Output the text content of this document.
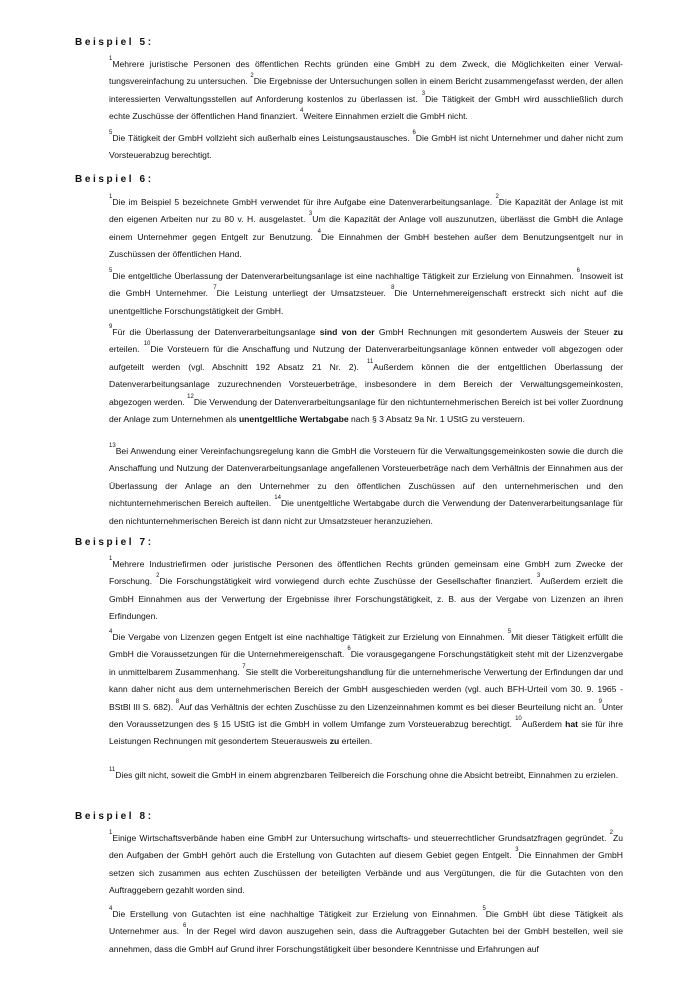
Beispiel 5:

$^1$Mehrere juristische Personen des öffentlichen Rechts gründen eine GmbH zu dem Zweck, die Möglichkeiten einer Verwaltungsvereinfachung zu untersuchen. $^2$Die Ergebnisse der Untersuchungen sollen in einem Bericht zusammengefasst werden, der allen interessierten Verwaltungsstellen auf Anforderung kostenlos zu überlassen ist. $^3$Die Tätigkeit der GmbH wird ausschließlich durch echte Zuschüsse der öffentlichen Hand finanziert. $^4$Weitere Einnahmen erzielt die GmbH nicht.

$^5$Die Tätigkeit der GmbH vollzieht sich außerhalb eines Leistungsaustausches. $^6$Die GmbH ist nicht Unternehmer und daher nicht zum Vorsteuerabzug berechtigt.

Beispiel 6:

$^1$Die im Beispiel 5 bezeichnete GmbH verwendet für ihre Aufgabe eine Datenverarbeitungsanlage. $^2$Die Kapazität der Anlage ist mit den eigenen Arbeiten nur zu 80 v. H. ausgelastet. $^3$Um die Kapazität der Anlage voll auszunutzen, überlässt die GmbH die Anlage einem Unternehmer gegen Entgelt zur Benutzung. $^4$Die Einnahmen der GmbH bestehen außer dem Benutzungsentgelt nur in Zuschüssen der öffentlichen Hand.

$^5$Die entgeltliche Überlassung der Datenverarbeitungsanlage ist eine nachhaltige Tätigkeit zur Erzielung von Einnahmen. $^6$Insoweit ist die GmbH Unternehmer. $^7$Die Leistung unterliegt der Umsatzsteuer. $^8$Die Unternehmereigenschaft erstreckt sich nicht auf die unentgeltliche Forschungstätigkeit der GmbH.

$^9$Für die Überlassung der Datenverarbeitungsanlage sind von der GmbH Rechnungen mit gesondertem Ausweis der Steuer zu erteilen. $^{10}$Die Vorsteuern für die Anschaffung und Nutzung der Datenverarbeitungsanlage können entweder voll abgezogen oder aufgeteilt werden (vgl. Abschnitt 192 Absatz 21 Nr. 2). $^{11}$Außerdem können die der entgeltlichen Überlassung der Datenverarbeitungsanlage zuzurechnenden Vorsteuerbeträge, insbesondere in dem Bereich der Verwaltungsgemeinkosten, abgezogen werden. $^{12}$Die Verwendung der Datenverarbeitungsanlage für den nichtunternehmerischen Bereich ist bei voller Zuordnung der Anlage zum Unternehmen als unentgeltliche Wertabgabe nach § 3 Absatz 9a Nr. 1 UStG zu versteuern.

$^{13}$Bei Anwendung einer Vereinfachungsregelung kann die GmbH die Vorsteuern für die Verwaltungsgemeinkosten sowie die durch die Anschaffung und Nutzung der Datenverarbeitungsanlage angefallenen Vorsteuerbeträge nach dem Verhältnis der Einnahmen aus der Überlassung der Anlage an den Unternehmer zu den öffentlichen Zuschüssen auf den unternehmerischen und den nichtunternehmerischen Bereich aufteilen. $^{14}$Die unentgeltliche Wertabgabe durch die Verwendung der Datenverarbeitungsanlage für den nichtunternehmerischen Bereich ist dann nicht zur Umsatzsteuer heranzuziehen.

Beispiel 7:

$^1$Mehrere Industriefirmen oder juristische Personen des öffentlichen Rechts gründen gemeinsam eine GmbH zum Zwecke der Forschung. $^2$Die Forschungstätigkeit wird vorwiegend durch echte Zuschüsse der Gesellschafter finanziert. $^3$Außerdem erzielt die GmbH Einnahmen aus der Verwertung der Ergebnisse ihrer Forschungstätigkeit, z. B. aus der Vergabe von Lizenzen an ihren Erfindungen.

$^4$Die Vergabe von Lizenzen gegen Entgelt ist eine nachhaltige Tätigkeit zur Erzielung von Einnahmen. $^5$Mit dieser Tätigkeit erfüllt die GmbH die Voraussetzungen für die Unternehmereigenschaft. $^6$Die vorausgegangene Forschungstätigkeit steht mit der Lizenzvergabe in unmittelbarem Zusammenhang. $^7$Sie stellt die Vorbereitungshandlung für die unternehmerische Verwertung der Erfindungen dar und kann daher nicht aus dem unternehmerischen Bereich der GmbH ausgeschieden werden (vgl. auch BFH-Urteil vom 30. 9. 1965 - BStBl III S. 682). $^8$Auf das Verhältnis der echten Zuschüsse zu den Lizenzeinnahmen kommt es bei dieser Beurteilung nicht an. $^9$Unter den Voraussetzungen des § 15 UStG ist die GmbH in vollem Umfange zum Vorsteuerabzug berechtigt. $^{10}$Außerdem hat sie für ihre Leistungen Rechnungen mit gesondertem Steuerausweis zu erteilen.

$^{11}$Dies gilt nicht, soweit die GmbH in einem abgrenzbaren Teilbereich die Forschung ohne die Absicht betreibt, Einnahmen zu erzielen.

Beispiel 8:

$^1$Einige Wirtschaftsverbände haben eine GmbH zur Untersuchung wirtschafts- und steuerrechtlicher Grundsatzfragen gegründet. $^2$Zu den Aufgaben der GmbH gehört auch die Erstellung von Gutachten auf diesem Gebiet gegen Entgelt. $^3$Die Einnahmen der GmbH setzen sich zusammen aus echten Zuschüssen der beteiligten Verbände und aus Vergütungen, die für die Gutachten von den Auftraggebern gezahlt worden sind.

$^4$Die Erstellung von Gutachten ist eine nachhaltige Tätigkeit zur Erzielung von Einnahmen. $^5$Die GmbH übt diese Tätigkeit als Unternehmer aus. $^6$In der Regel wird davon auszugehen sein, dass die Auftraggeber Gutachten bei der GmbH bestellen, weil sie annehmen, dass die GmbH auf Grund ihrer Forschungstätigkeit über besondere Kenntnisse und Erfahrungen auf
